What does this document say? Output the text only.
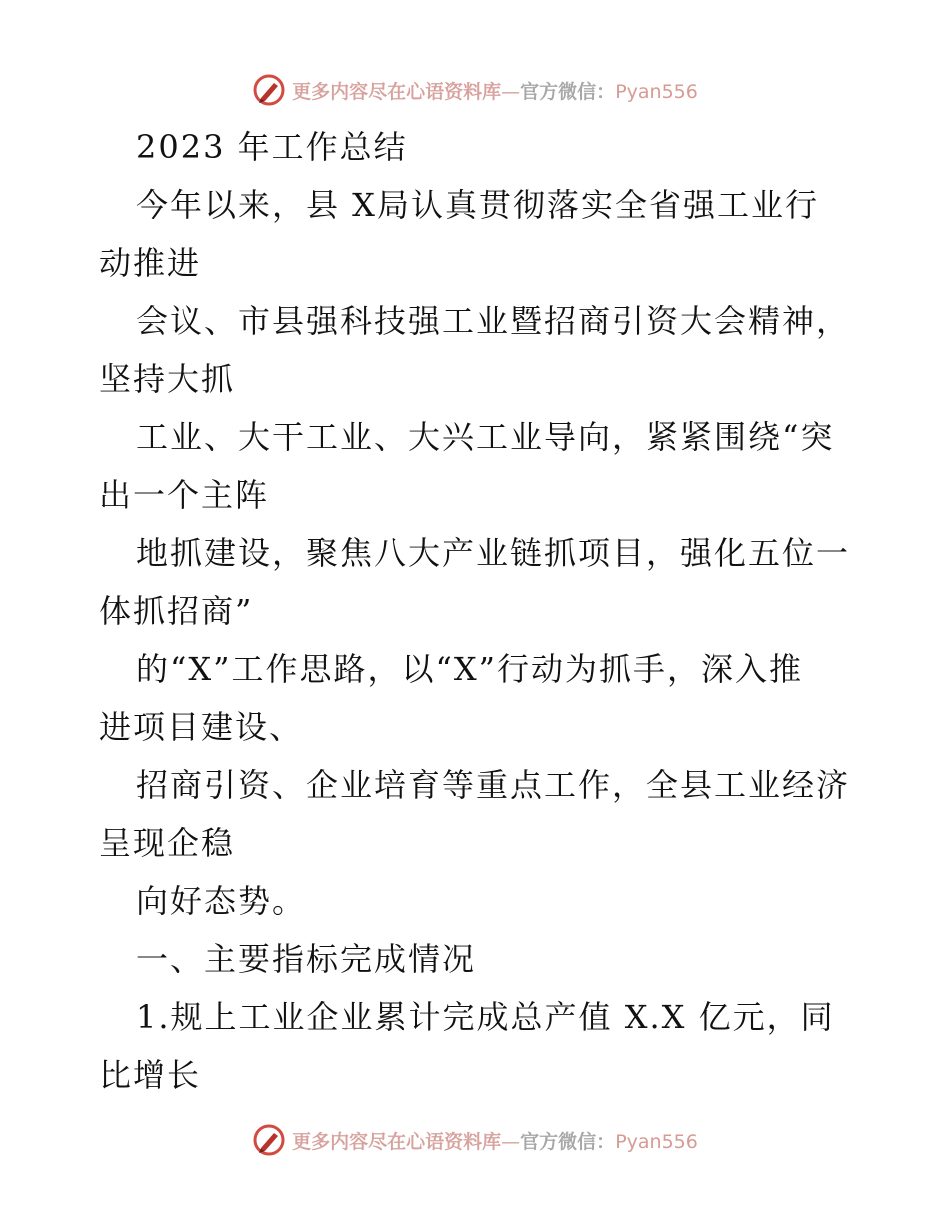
更多内容尽在心语资料库—官方微信：Pyan556
2023 年工作总结
今年以来，县 X局认真贯彻落实全省强工业行
动推进
会议、市县强科技强工业暨招商引资大会精神，
坚持大抓
工业、大干工业、大兴工业导向，紧紧围绕“突
出一个主阵
地抓建设，聚焦八大产业链抓项目，强化五位一
体抓招商”
的“X”工作思路，以“X”行动为抓手，深入推
进项目建设、
招商引资、企业培育等重点工作，全县工业经济
呈现企稳
向好态势。
一、主要指标完成情况
1.规上工业企业累计完成总产值 X.X 亿元，同
比增长
更多内容尽在心语资料库—官方微信：Pyan556
